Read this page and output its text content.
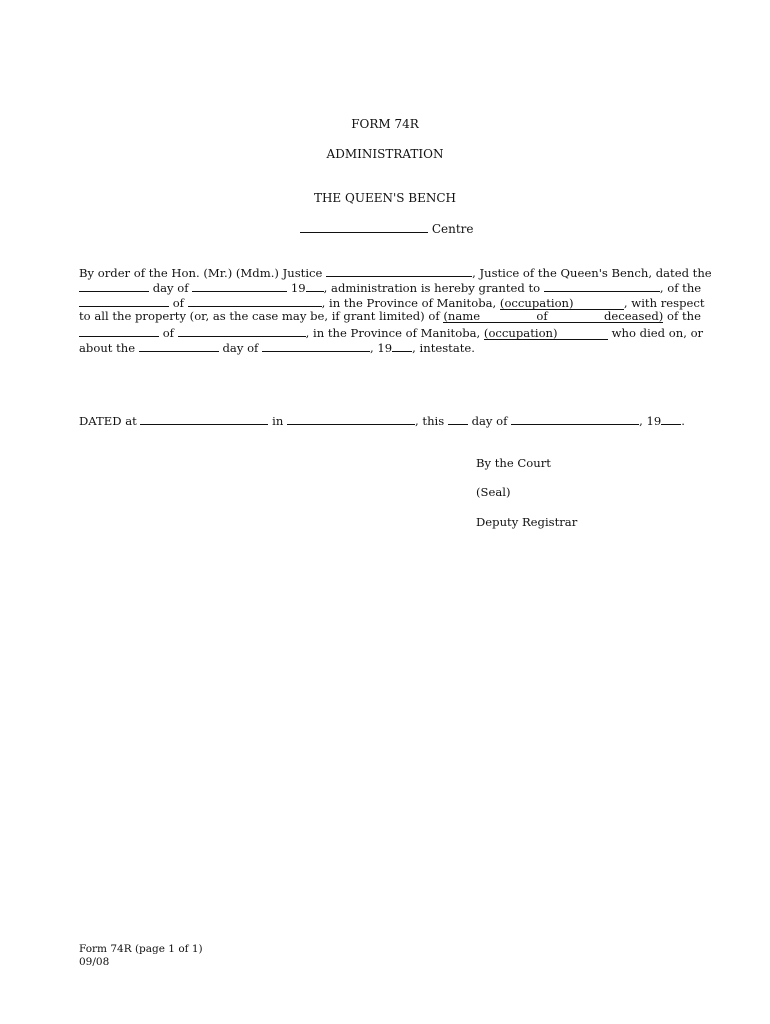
FORM 74R
ADMINISTRATION
THE QUEEN'S BENCH
Centre
By order of the Hon. (Mr.) (Mdm.) Justice	, Justice of the Queen's Bench, dated the
day of	19 , administration is hereby granted to	, of the
of	, in the Province of Manitoba, (occupation)	, with respect
to all the property (or, as the case may be, if grant limited) of (name of deceased) of the
of	, in the Province of Manitoba, (occupation)	who died on, or
about the	day of	, 19 , intestate.
DATED at	in	, this day of	, 19 .
By the Court
(Seal)
Deputy Registrar
Form 74R (page 1 of 1)
09/08
